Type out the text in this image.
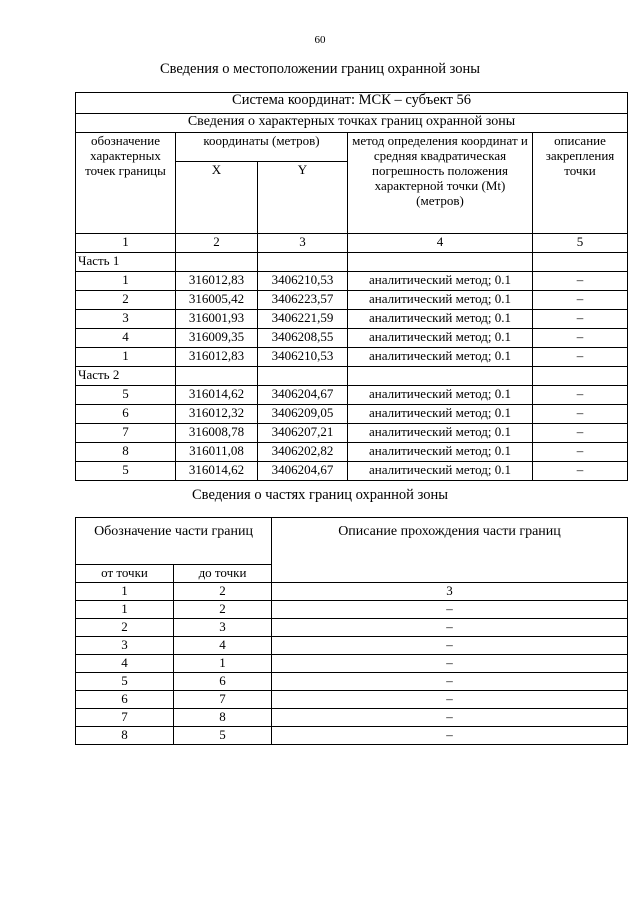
60
Сведения о местоположении границ охранной зоны
Система координат: МСК – субъект 56				
Сведения о характерных точках границ охранной зоны				
обозначение характерных точек границы	координаты (метров)		метод определения координат и средняя квадратическая погрешность положения характерной точки (Mt) (метров)	описание закрепления точки
	X	Y		
1	2	3	4	5
Часть 1				
1	316012,83	3406210,53	аналитический метод; 0.1	–
2	316005,42	3406223,57	аналитический метод; 0.1	–
3	316001,93	3406221,59	аналитический метод; 0.1	–
4	316009,35	3406208,55	аналитический метод; 0.1	–
1	316012,83	3406210,53	аналитический метод; 0.1	–
Часть 2				
5	316014,62	3406204,67	аналитический метод; 0.1	–
6	316012,32	3406209,05	аналитический метод; 0.1	–
7	316008,78	3406207,21	аналитический метод; 0.1	–
8	316011,08	3406202,82	аналитический метод; 0.1	–
5	316014,62	3406204,67	аналитический метод; 0.1	–
Сведения о частях границ охранной зоны
Обозначение части границ		Описание прохождения части границ
от точки	до точки	
1	2	3
1	2	–
2	3	–
3	4	–
4	1	–
5	6	–
6	7	–
7	8	–
8	5	–
